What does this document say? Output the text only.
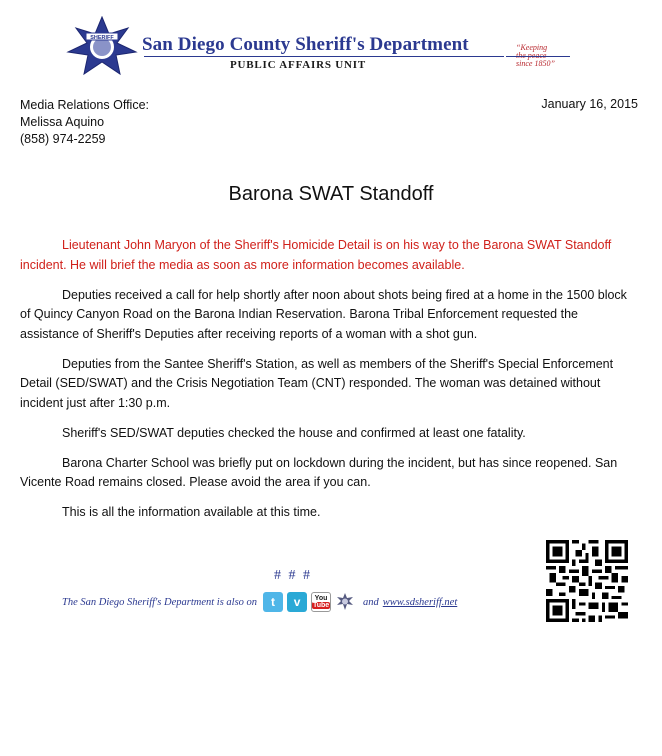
SHERIFF San Diego County Sheriff's Department
PUBLIC AFFAIRS UNIT
“Keeping
since 1850”
Media Relations Office:
Melissa Aquino
(858) 974-2259
January 16, 2015
Barona SWAT Standoff

Lieutenant John Maryon of the Sheriff's Homicide Detail is on his way to the Barona SWAT Standoff incident. He will brief the media as soon as more information becomes available.

Deputies received a call for help shortly after noon about shots being fired at a home in the 1500 block of Quincy Canyon Road on the Barona Indian Reservation. Barona Tribal Enforcement requested the assistance of Sheriff's Deputies after receiving reports of a woman with a shot gun.

Deputies from the Santee Sheriff's Station, as well as members of the Sheriff's Special Enforcement Detail (SED/SWAT) and the Crisis Negotiation Team (CNT) responded. The woman was detained without incident just after 1:30 p.m.

Sheriff's SED/SWAT deputies checked the house and confirmed at least one fatality.

Barona Charter School was briefly put on lockdown during the incident, but has since reopened. San Vicente Road remains closed. Please avoid the area if you can.

This is all the information available at this time.

# # #
The San Diego Sheriff's Department is also on	t	v	You
Tube	and www.sdsheriff.net
